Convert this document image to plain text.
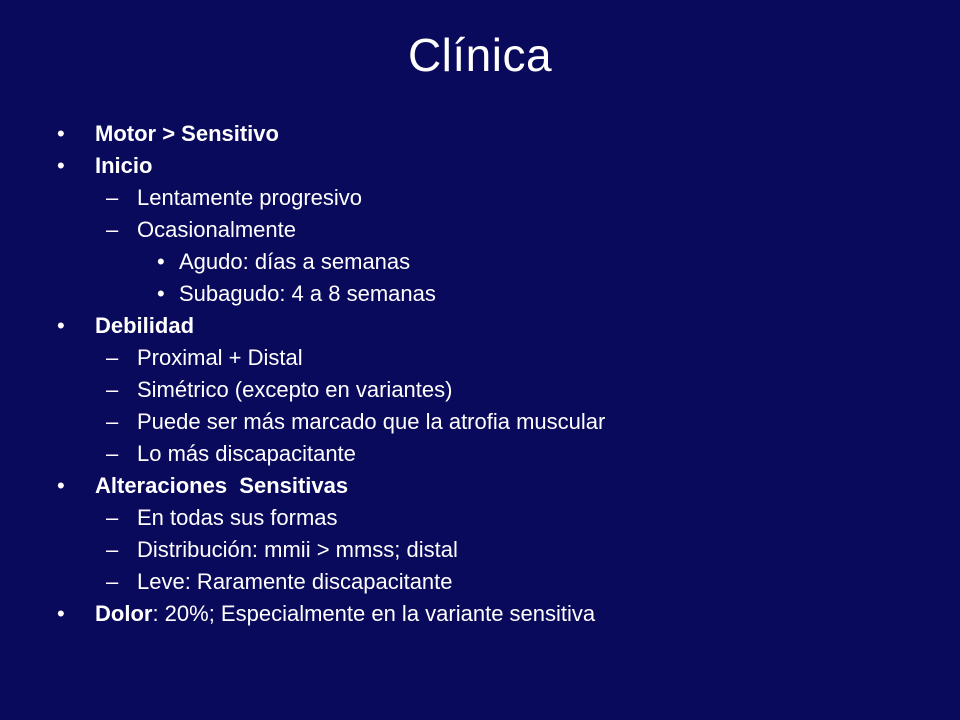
Clínica
• Motor > Sensitivo
• Inicio
– Lentamente progresivo
– Ocasionalmente
• Agudo: días a semanas
• Subagudo: 4 a 8 semanas
• Debilidad
– Proximal + Distal
– Simétrico (excepto en variantes)
– Puede ser más marcado que la atrofia muscular
– Lo más discapacitante
• Alteraciones  Sensitivas
– En todas sus formas
– Distribución: mmii > mmss; distal
– Leve: Raramente discapacitante
• Dolor: 20%; Especialmente en la variante sensitiva
